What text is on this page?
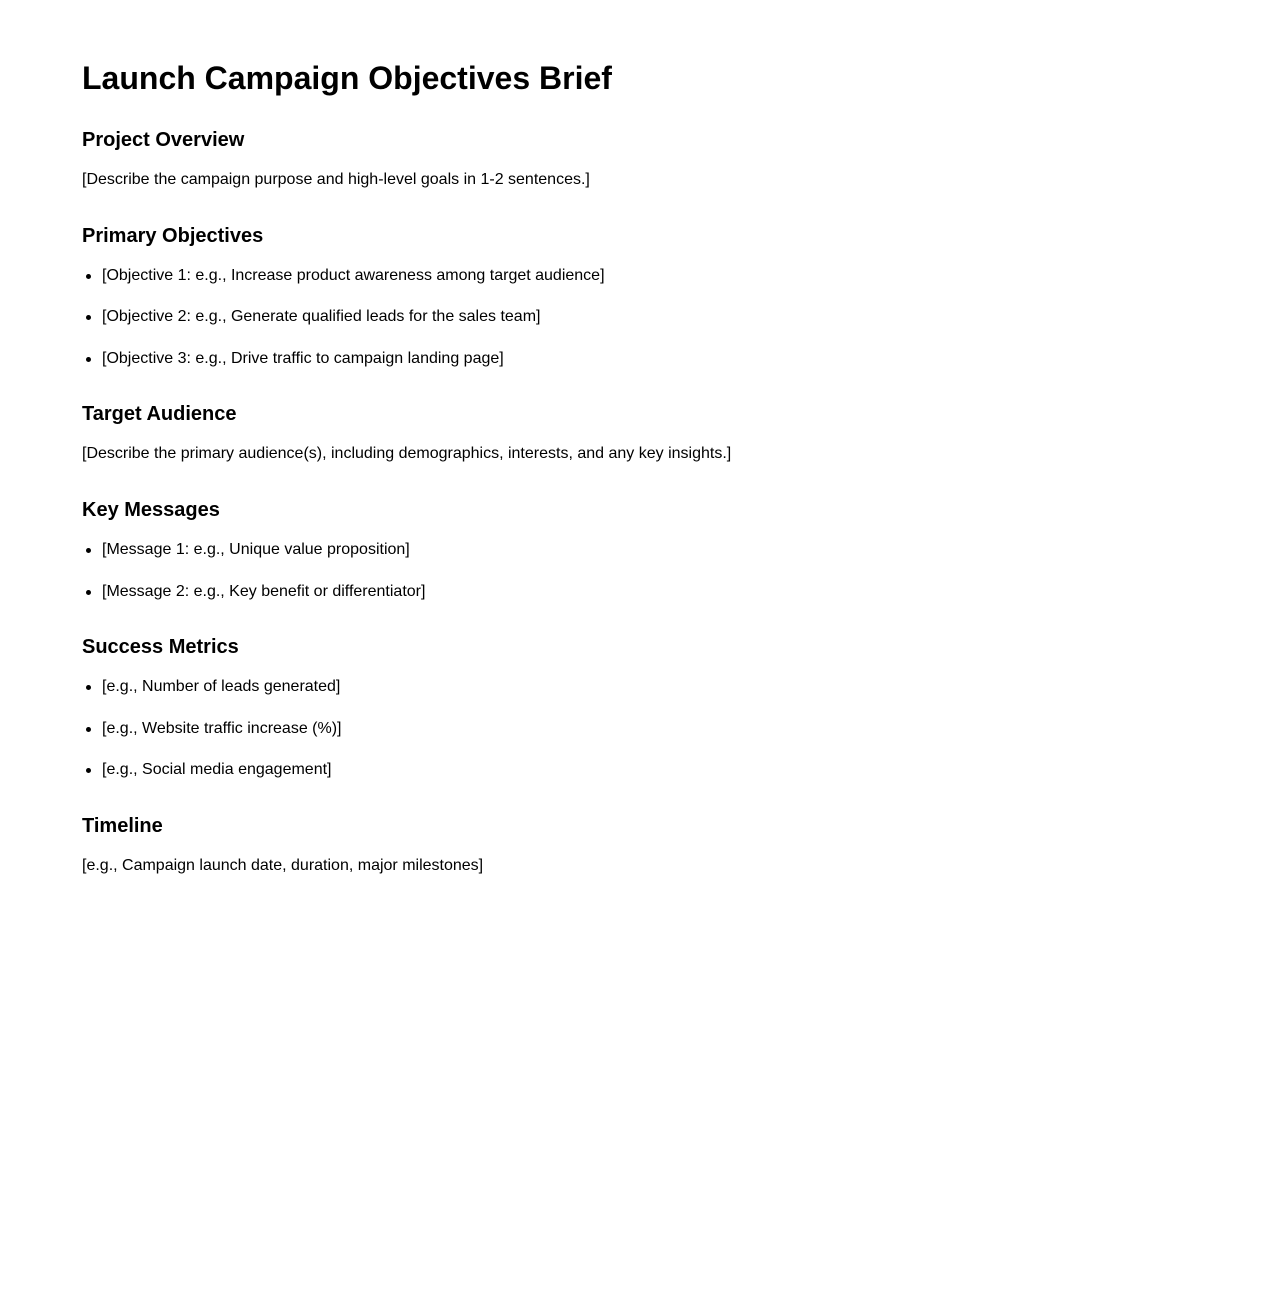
Launch Campaign Objectives Brief
Project Overview

[Describe the campaign purpose and high-level goals in 1-2 sentences.]

Primary Objectives
[Objective 1: e.g., Increase product awareness among target audience]
[Objective 2: e.g., Generate qualified leads for the sales team]
[Objective 3: e.g., Drive traffic to campaign landing page]
Target Audience

[Describe the primary audience(s), including demographics, interests, and any key insights.]

Key Messages
[Message 1: e.g., Unique value proposition]
[Message 2: e.g., Key benefit or differentiator]
Success Metrics
[e.g., Number of leads generated]
[e.g., Website traffic increase (%)]
[e.g., Social media engagement]
Timeline

[e.g., Campaign launch date, duration, major milestones]
